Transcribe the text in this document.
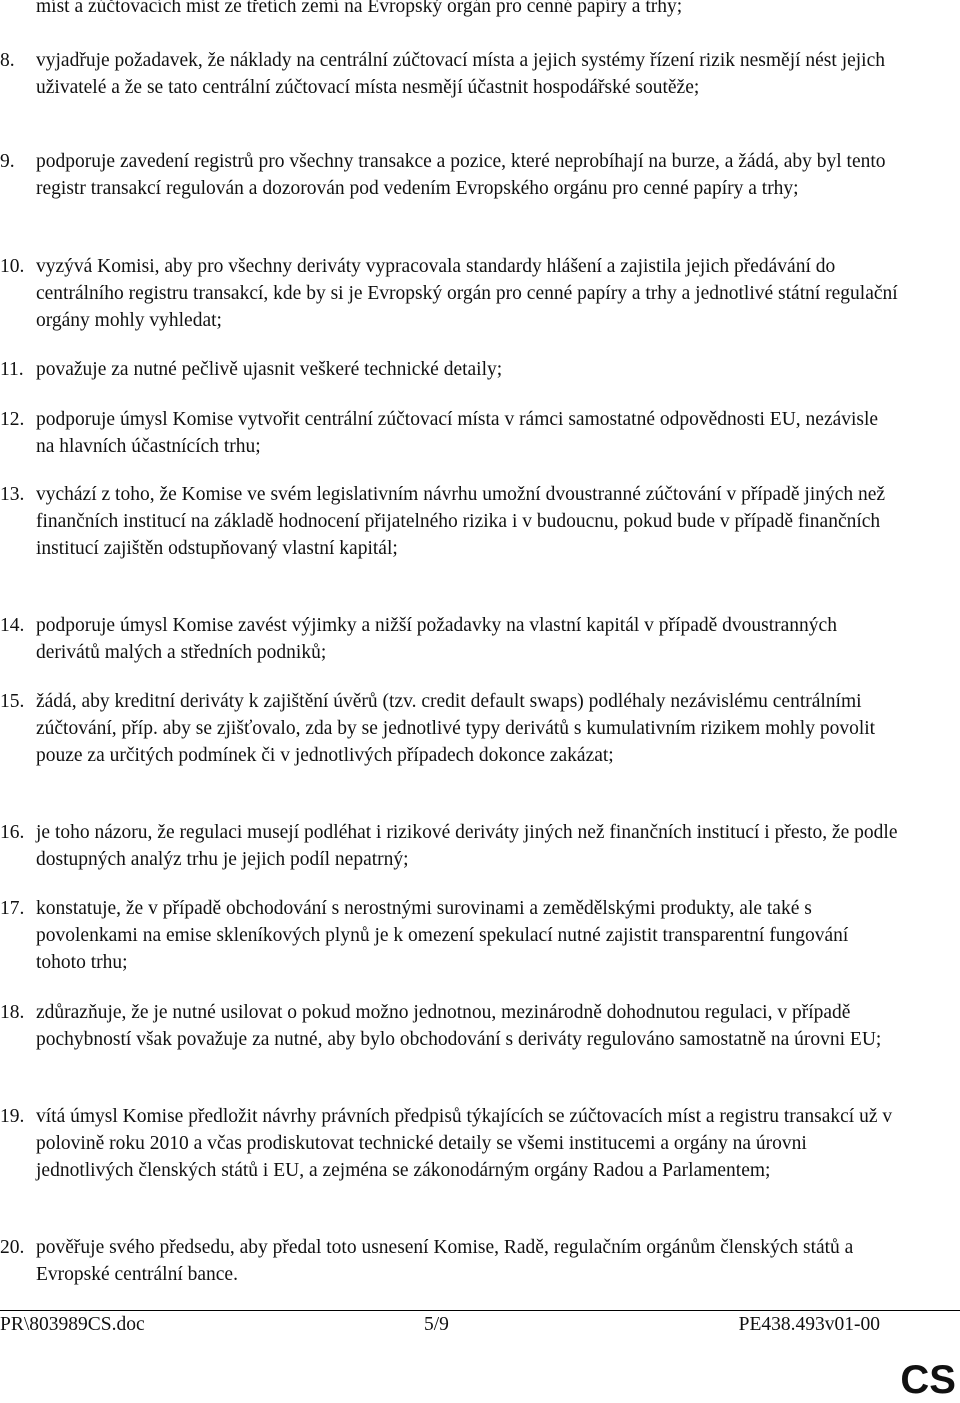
míst a zúčtovacích míst ze třetích zemí na Evropský orgán pro cenné papíry a trhy;
8. vyjadřuje požadavek, že náklady na centrální zúčtovací místa a jejich systémy řízení rizik nesmějí nést jejich uživatelé a že se tato centrální zúčtovací místa nesmějí účastnit hospodářské soutěže;
9. podporuje zavedení registrů pro všechny transakce a pozice, které neprobíhají na burze, a žádá, aby byl tento registr transakcí regulován a dozorován pod vedením Evropského orgánu pro cenné papíry a trhy;
10. vyzývá Komisi, aby pro všechny deriváty vypracovala standardy hlášení a zajistila jejich předávání do centrálního registru transakcí, kde by si je Evropský orgán pro cenné papíry a trhy a jednotlivé státní regulační orgány mohly vyhledat;
11. považuje za nutné pečlivě ujasnit veškeré technické detaily;
12. podporuje úmysl Komise vytvořit centrální zúčtovací místa v rámci samostatné odpovědnosti EU, nezávisle na hlavních účastnících trhu;
13. vychází z toho, že Komise ve svém legislativním návrhu umožní dvoustranné zúčtování v případě jiných než finančních institucí na základě hodnocení přijatelného rizika i v budoucnu, pokud bude v případě finančních institucí zajištěn odstupňovaný vlastní kapitál;
14. podporuje úmysl Komise zavést výjimky a nižší požadavky na vlastní kapitál v případě dvoustranných derivátů malých a středních podniků;
15. žádá, aby kreditní deriváty k zajištění úvěrů (tzv. credit default swaps) podléhaly nezávislému centrálními zúčtování, příp. aby se zjišťovalo, zda by se jednotlivé typy derivátů s kumulativním rizikem mohly povolit pouze za určitých podmínek či v jednotlivých případech dokonce zakázat;
16. je toho názoru, že regulaci musejí podléhat i rizikové deriváty jiných než finančních institucí i přesto, že podle dostupných analýz trhu je jejich podíl nepatrný;
17. konstatuje, že v případě obchodování s nerostnými surovinami a zemědělskými produkty, ale také s povolenkami na emise skleníkových plynů je k omezení spekulací nutné zajistit transparentní fungování tohoto trhu;
18. zdůrazňuje, že je nutné usilovat o pokud možno jednotnou, mezinárodně dohodnutou regulaci, v případě pochybností však považuje za nutné, aby bylo obchodování s deriváty regulováno samostatně na úrovni EU;
19. vítá úmysl Komise předložit návrhy právních předpisů týkajících se zúčtovacích míst a registru transakcí už v polovině roku 2010 a včas prodiskutovat technické detaily se všemi institucemi a orgány na úrovni jednotlivých členských států i EU, a zejména se zákonodárným orgány Radou a Parlamentem;
20. pověřuje svého předsedu, aby předal toto usnesení Komise, Radě, regulačním orgánům členských států a Evropské centrální bance.
PR\803989CS.doc	5/9	PE438.493v01-00
CS
